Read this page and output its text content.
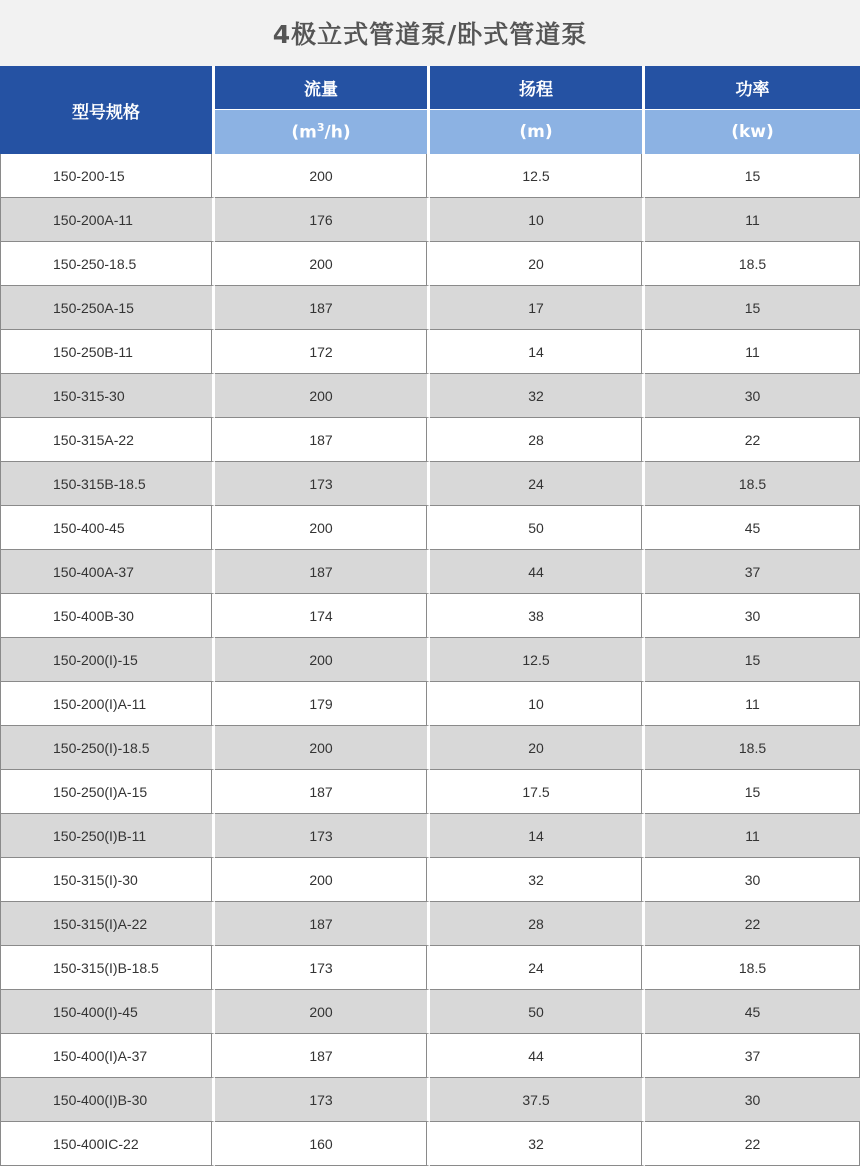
4极立式管道泵/卧式管道泵
型号规格	流量	扬程	功率
	$(m^3/h)$	(m)	(kw)
150-200-15	200	12.5	15
150-200A-11	176	10	11
150-250-18.5	200	20	18.5
150-250A-15	187	17	15
150-250B-11	172	14	11
150-315-30	200	32	30
150-315A-22	187	28	22
150-315B-18.5	173	24	18.5
150-400-45	200	50	45
150-400A-37	187	44	37
150-400B-30	174	38	30
150-200(I)-15	200	12.5	15
150-200(I)A-11	179	10	11
150-250(I)-18.5	200	20	18.5
150-250(I)A-15	187	17.5	15
150-250(I)B-11	173	14	11
150-315(I)-30	200	32	30
150-315(I)A-22	187	28	22
150-315(I)B-18.5	173	24	18.5
150-400(I)-45	200	50	45
150-400(I)A-37	187	44	37
150-400(I)B-30	173	37.5	30
150-400IC-22	160	32	22
